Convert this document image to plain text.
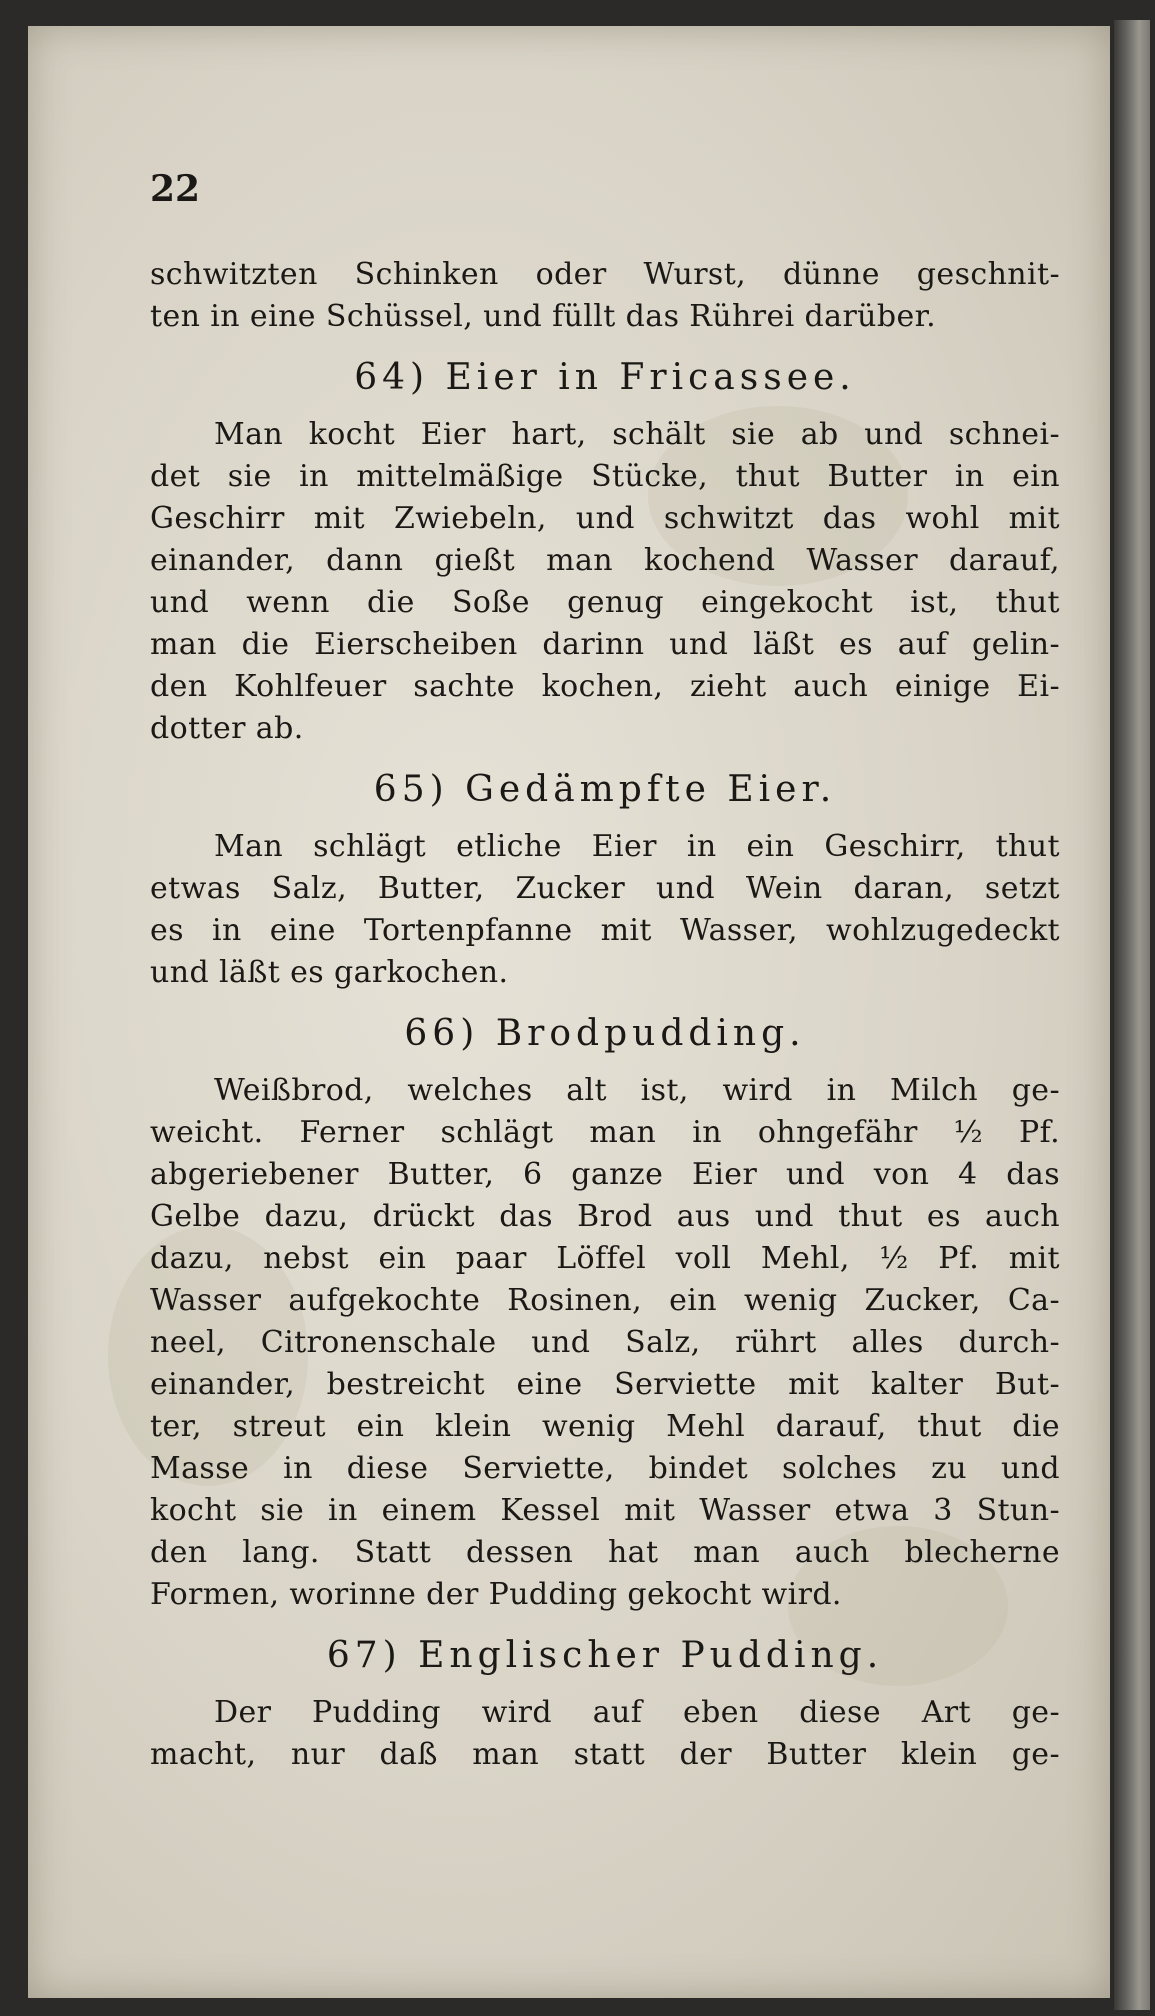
22
schwitzten Schinken oder Wurst, dünne geschnit-
ten in eine Schüssel, und füllt das Rührei darüber.
64) Eier in Fricassee.
Man kocht Eier hart, schält sie ab und schnei-
det sie in mittelmäßige Stücke, thut Butter in ein
Geschirr mit Zwiebeln, und schwitzt das wohl mit
einander, dann gießt man kochend Wasser darauf,
und wenn die Soße genug eingekocht ist, thut
man die Eierscheiben darinn und läßt es auf gelin-
den Kohlfeuer sachte kochen, zieht auch einige Ei-
dotter ab.
65) Gedämpfte Eier.
Man schlägt etliche Eier in ein Geschirr, thut
etwas Salz, Butter, Zucker und Wein daran, setzt
es in eine Tortenpfanne mit Wasser, wohlzugedeckt
und läßt es garkochen.
66) Brodpudding.
Weißbrod, welches alt ist, wird in Milch ge-
weicht. Ferner schlägt man in ohngefähr ½ Pf.
abgeriebener Butter, 6 ganze Eier und von 4 das
Gelbe dazu, drückt das Brod aus und thut es auch
dazu, nebst ein paar Löffel voll Mehl, ½ Pf. mit
Wasser aufgekochte Rosinen, ein wenig Zucker, Ca-
neel, Citronenschale und Salz, rührt alles durch-
einander, bestreicht eine Serviette mit kalter But-
ter, streut ein klein wenig Mehl darauf, thut die
Masse in diese Serviette, bindet solches zu und
kocht sie in einem Kessel mit Wasser etwa 3 Stun-
den lang. Statt dessen hat man auch blecherne
Formen, worinne der Pudding gekocht wird.
67) Englischer Pudding.
Der Pudding wird auf eben diese Art ge-
macht, nur daß man statt der Butter klein ge-
